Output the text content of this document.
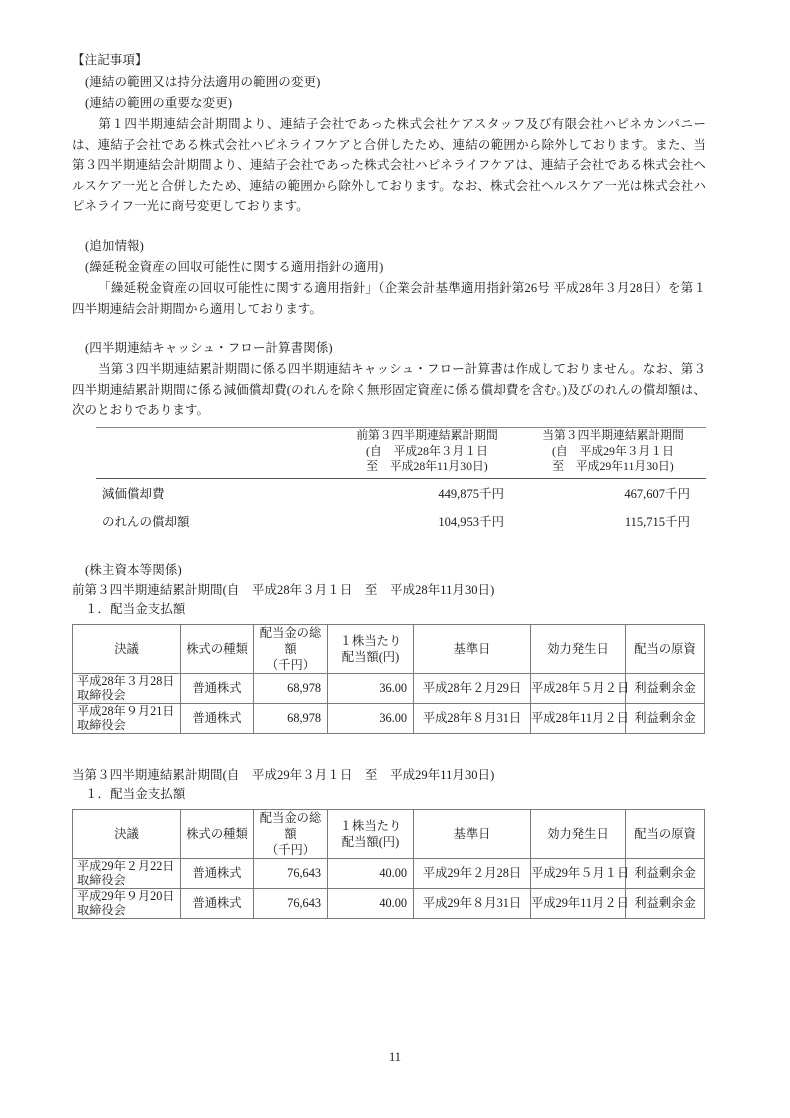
【注記事項】
(連結の範囲又は持分法適用の範囲の変更)
(連結の範囲の重要な変更)

第１四半期連結会計期間より、連結子会社であった株式会社ケアスタッフ及び有限会社ハピネカンパニーは、連結子会社である株式会社ハピネライフケアと合併したため、連結の範囲から除外しております。また、当第３四半期連結会計期間より、連結子会社であった株式会社ハピネライフケアは、連結子会社である株式会社ヘルスケア一光と合併したため、連結の範囲から除外しております。なお、株式会社ヘルスケア一光は株式会社ハピネライフ一光に商号変更しております。

(追加情報)
(繰延税金資産の回収可能性に関する適用指針の適用)

「繰延税金資産の回収可能性に関する適用指針」（企業会計基準適用指針第26号 平成28年３月28日）を第１四半期連結会計期間から適用しております。

(四半期連結キャッシュ・フロー計算書関係)

当第３四半期連結累計期間に係る四半期連結キャッシュ・フロー計算書は作成しておりません。なお、第３四半期連結累計期間に係る減価償却費(のれんを除く無形固定資産に係る償却費を含む。)及びのれんの償却額は、次のとおりであります。

	前第３四半期連結累計期間
(自　平成28年３月１日
至　平成28年11月30日)	当第３四半期連結累計期間
(自　平成29年３月１日
至　平成29年11月30日)

減価償却費	449,875千円	467,607千円
のれんの償却額	104,953千円	115,715千円
(株主資本等関係)
前第３四半期連結累計期間(自　平成28年３月１日　至　平成28年11月30日)
１．配当金支払額
決議	株式の種類	配当金の総額
（千円）	１株当たり
配当額(円)	基準日	効力発生日	配当の原資
平成28年３月28日
取締役会	普通株式	68,978	36.00	平成28年２月29日	平成28年５月２日	利益剰余金
平成28年９月21日
取締役会	普通株式	68,978	36.00	平成28年８月31日	平成28年11月２日	利益剰余金
当第３四半期連結累計期間(自　平成29年３月１日　至　平成29年11月30日)
１．配当金支払額
決議	株式の種類	配当金の総額
（千円）	１株当たり
配当額(円)	基準日	効力発生日	配当の原資
平成29年２月22日
取締役会	普通株式	76,643	40.00	平成29年２月28日	平成29年５月１日	利益剰余金
平成29年９月20日
取締役会	普通株式	76,643	40.00	平成29年８月31日	平成29年11月２日	利益剰余金
11
